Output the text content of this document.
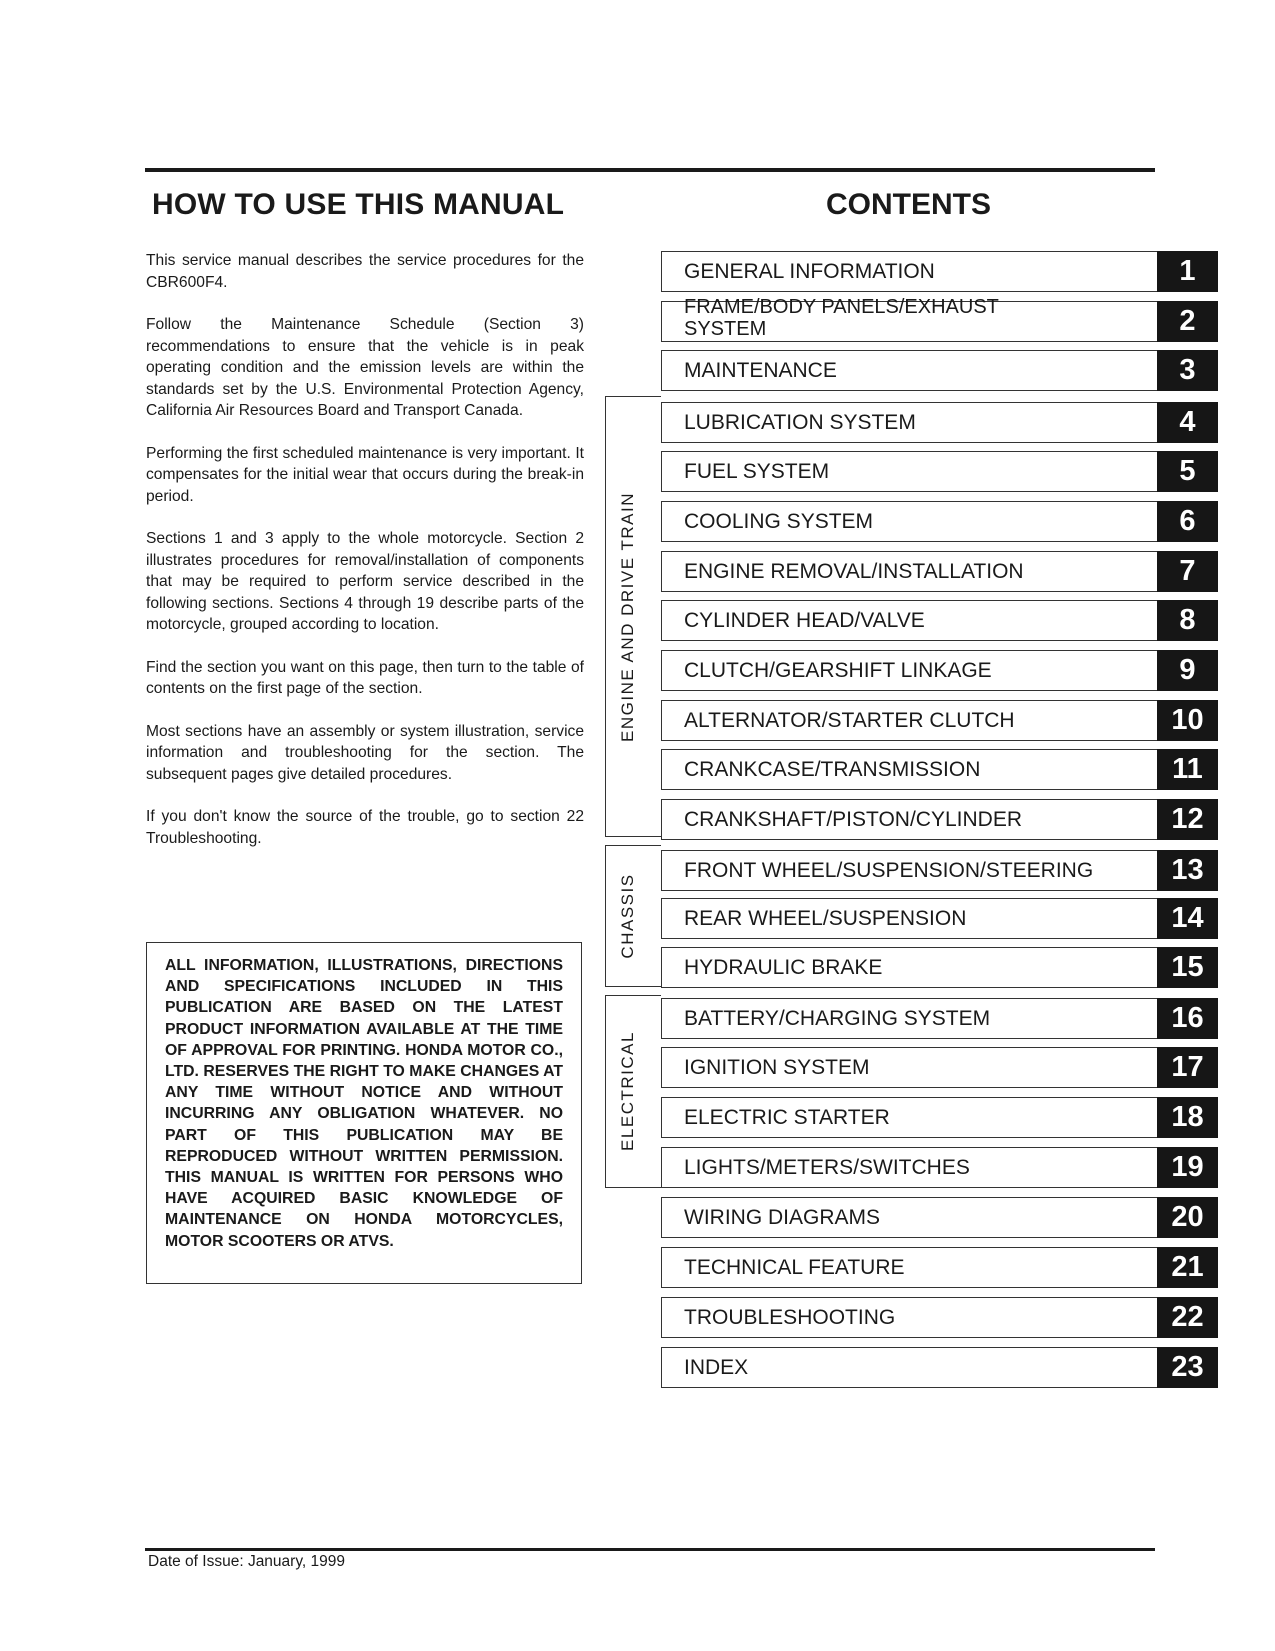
HOW TO USE THIS MANUAL	CONTENTS

This service manual describes the service procedures for the CBR600F4.

Follow the Maintenance Schedule (Section 3) recommendations to ensure that the vehicle is in peak operating condition and the emission levels are within the standards set by the U.S. Environmental Protection Agency, California Air Resources Board and Transport Canada.

Performing the first scheduled maintenance is very important. It compensates for the initial wear that occurs during the break-in period.

Sections 1 and 3 apply to the whole motorcycle. Section 2 illustrates procedures for removal/installation of components that may be required to perform service described in the following sections. Sections 4 through 19 describe parts of the motorcycle, grouped according to location.

Find the section you want on this page, then turn to the table of contents on the first page of the section.

Most sections have an assembly or system illustration, service information and troubleshooting for the section. The subsequent pages give detailed procedures.

If you don't know the source of the trouble, go to section 22 Troubleshooting.

ALL INFORMATION, ILLUSTRATIONS, DIRECTIONS AND SPECIFICATIONS INCLUDED IN THIS PUBLICATION ARE BASED ON THE LATEST PRODUCT INFORMATION AVAILABLE AT THE TIME OF APPROVAL FOR PRINTING. HONDA MOTOR CO., LTD. RESERVES THE RIGHT TO MAKE CHANGES AT ANY TIME WITHOUT NOTICE AND WITHOUT INCURRING ANY OBLIGATION WHATEVER. NO PART OF THIS PUBLICATION MAY BE REPRODUCED WITHOUT WRITTEN PERMISSION. THIS MANUAL IS WRITTEN FOR PERSONS WHO HAVE ACQUIRED BASIC KNOWLEDGE OF MAINTENANCE ON HONDA MOTORCYCLES, MOTOR SCOOTERS OR ATVS.

ENGINE AND DRIVE TRAIN
CHASSIS
ELECTRICAL
GENERAL INFORMATION	1
FRAME/BODY PANELS/EXHAUST SYSTEM	2
MAINTENANCE	3
LUBRICATION SYSTEM	4
FUEL SYSTEM	5
COOLING SYSTEM	6
ENGINE REMOVAL/INSTALLATION	7
CYLINDER HEAD/VALVE	8
CLUTCH/GEARSHIFT LINKAGE	9
ALTERNATOR/STARTER CLUTCH	10
CRANKCASE/TRANSMISSION	11
CRANKSHAFT/PISTON/CYLINDER	12
FRONT WHEEL/SUSPENSION/STEERING	13
REAR WHEEL/SUSPENSION	14
HYDRAULIC BRAKE	15
BATTERY/CHARGING SYSTEM	16
IGNITION SYSTEM	17
ELECTRIC STARTER	18
LIGHTS/METERS/SWITCHES	19
WIRING DIAGRAMS	20
TECHNICAL FEATURE	21
TROUBLESHOOTING	22
INDEX	23
Date of Issue: January, 1999
